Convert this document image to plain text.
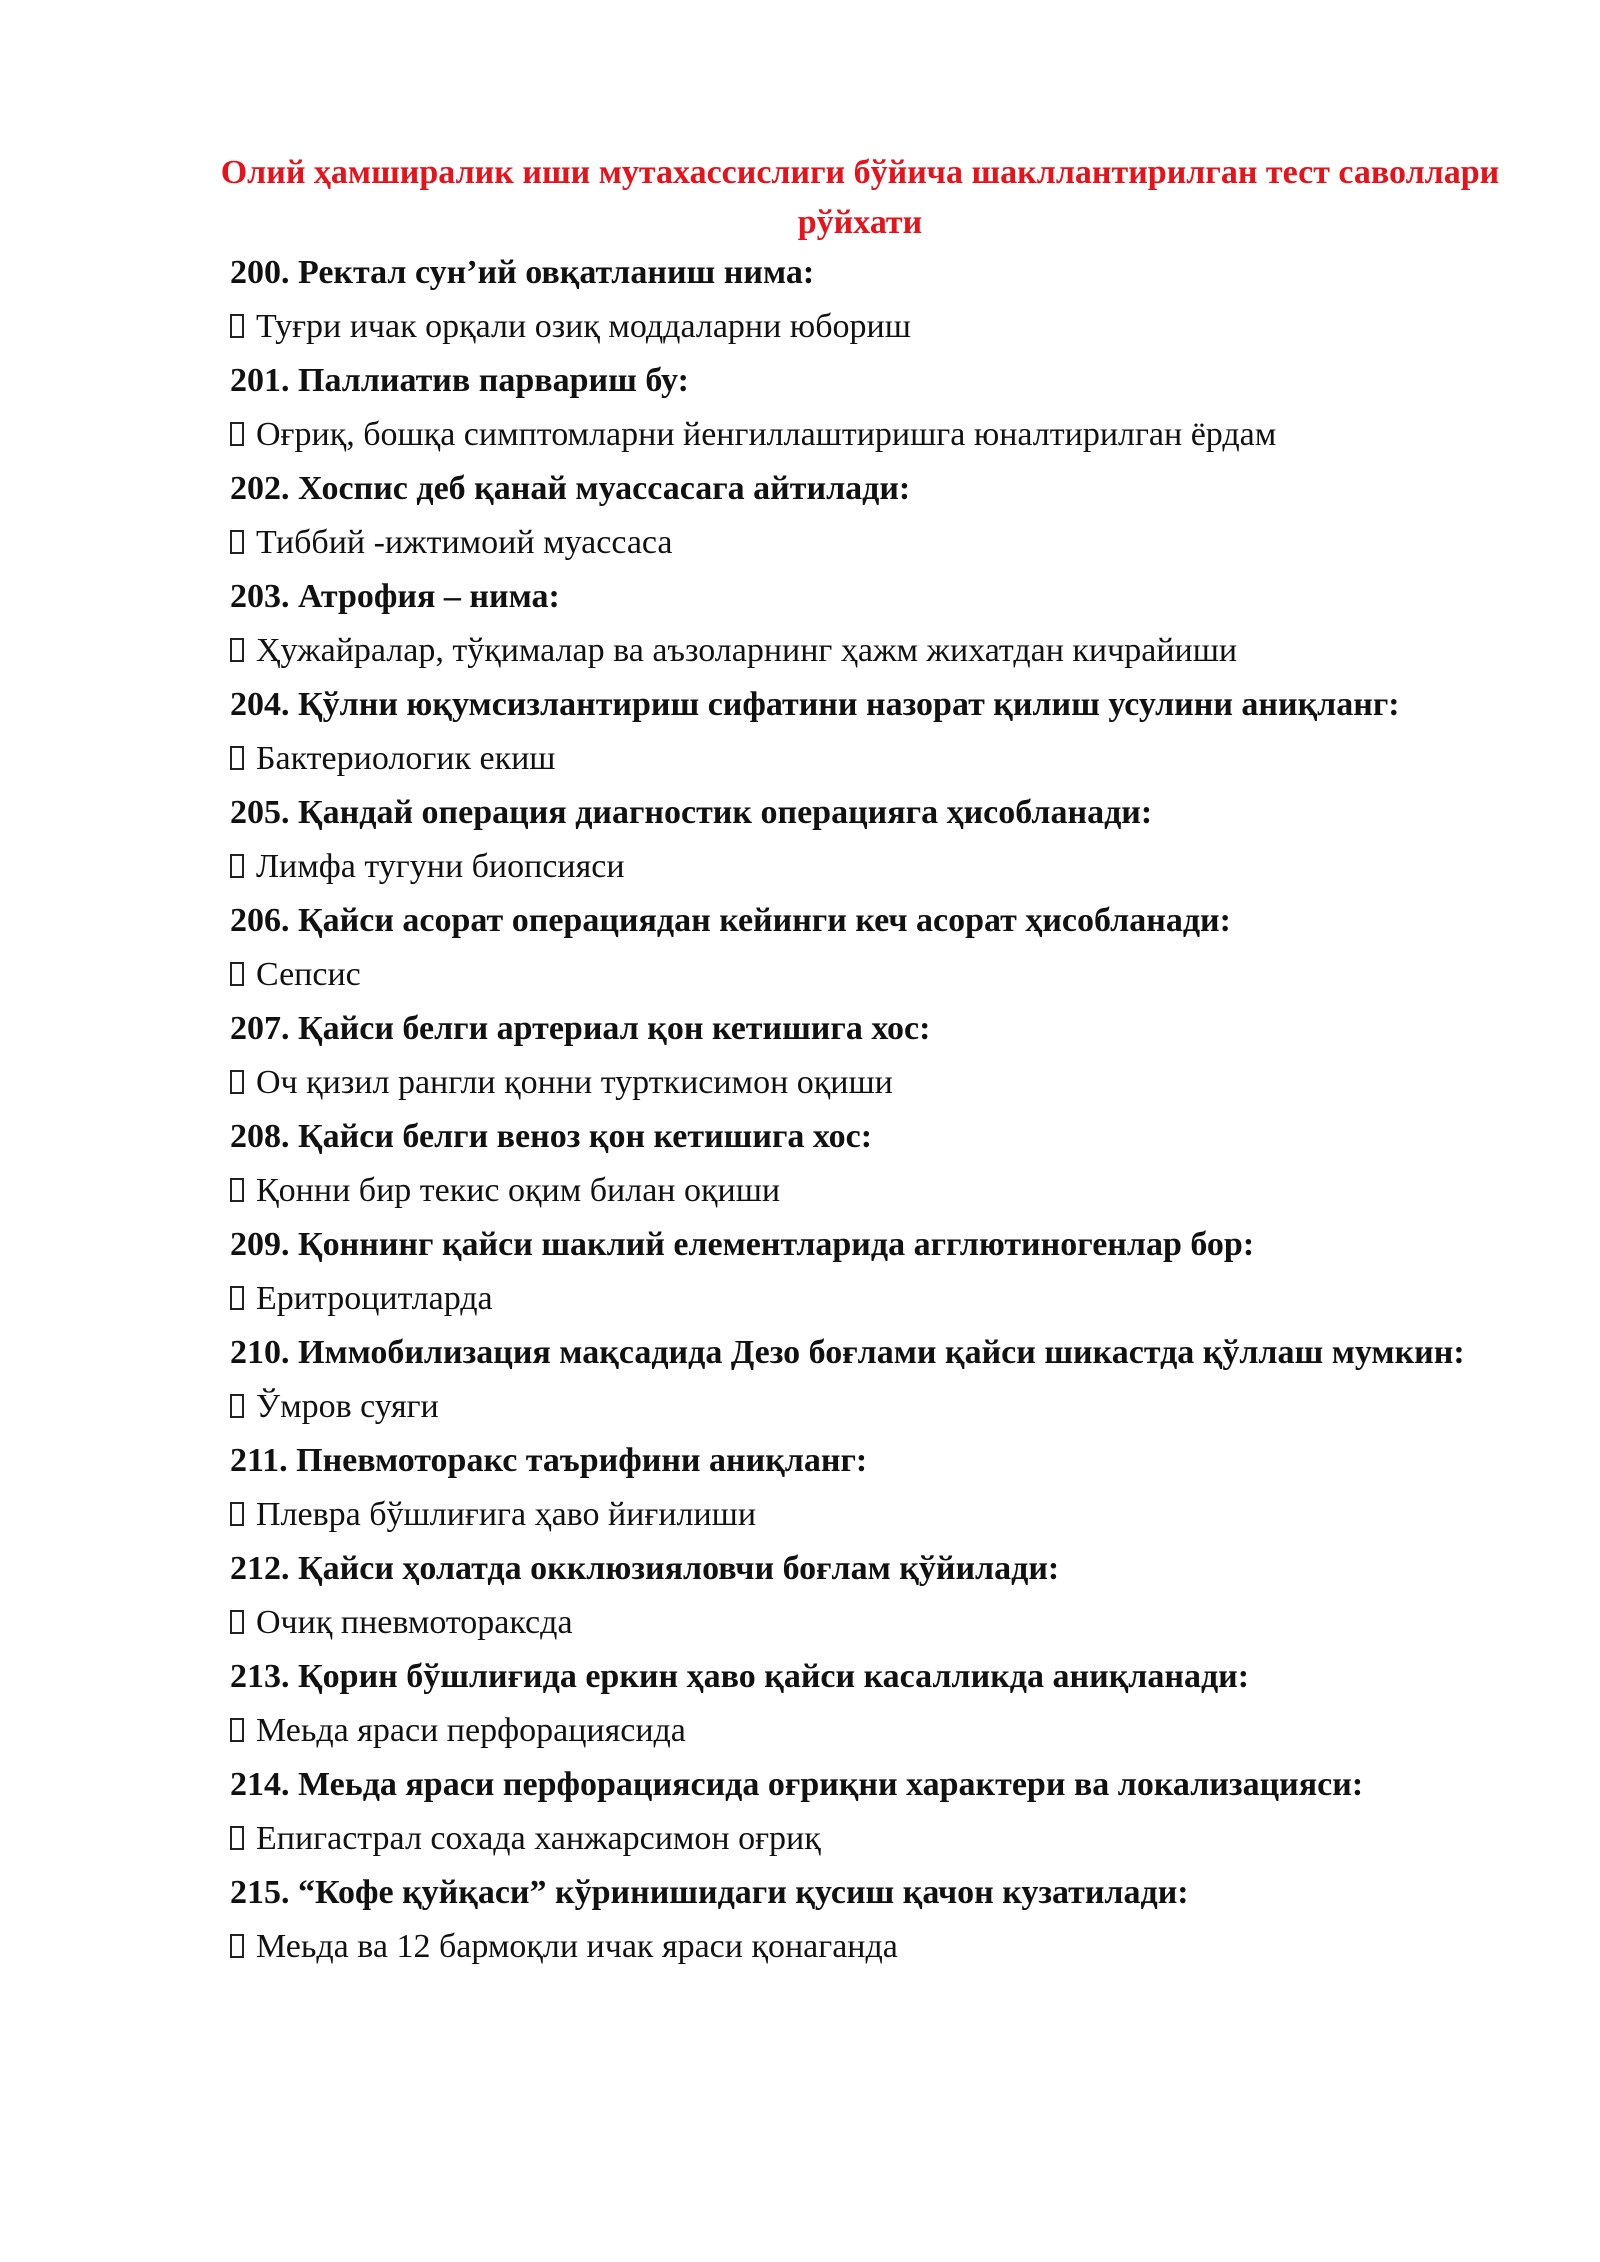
Олий ҳамширалик иши мутахассислиги бўйича шакллантирилган тест саволлари рўйхати

200. Ректал сун’ий овқатланиш нима:

Туғри ичак орқали озиқ моддаларни юбориш

201. Паллиатив парвариш бу:

Оғриқ, бошқа симптомларни йенгиллаштиришга юналтирилган ёрдам

202. Хоспис деб қанай муассасага айтилади:

Тиббий -ижтимоий муассаса

203. Атрофия – нима:

Ҳужайралар, тўқималар ва аъзоларнинг ҳажм жихатдан кичрайиши

204. Қўлни юқумсизлантириш сифатини назорат қилиш усулини аниқланг:

Бактериологик екиш

205. Қандай операция диагностик операцияга ҳисобланади:

Лимфа тугуни биопсияси

206. Қайси асорат операциядан кейинги кеч асорат ҳисобланади:

Сепсис

207. Қайси белги артериал қон кетишига хос:

Оч қизил рангли қонни турткисимон оқиши

208. Қайси белги веноз қон кетишига хос:

Қонни бир текис оқим билан оқиши

209. Қоннинг қайси шаклий елементларида агглютиногенлар бор:

Еритроцитларда

210. Иммобилизация мақсадида Дезо боғлами қайси шикастда қўллаш мумкин:

Ўмров суяги

211. Пневмоторакс таърифини аниқланг:

Плевра бўшлиғига ҳаво йиғилиши

212. Қайси ҳолатда окклюзияловчи боғлам қўйилади:

Очиқ пневмотораксда

213. Қорин бўшлиғида еркин ҳаво қайси касалликда аниқланади:

Меьда яраси перфорациясида

214. Меьда яраси перфорациясида оғриқни характери ва локализацияси:

Епигастрал сохада ханжарсимон оғриқ

215. “Кофе қуйқаси” кўринишидаги қусиш қачон кузатилади:

Меьда ва 12 бармоқли ичак яраси қонаганда
